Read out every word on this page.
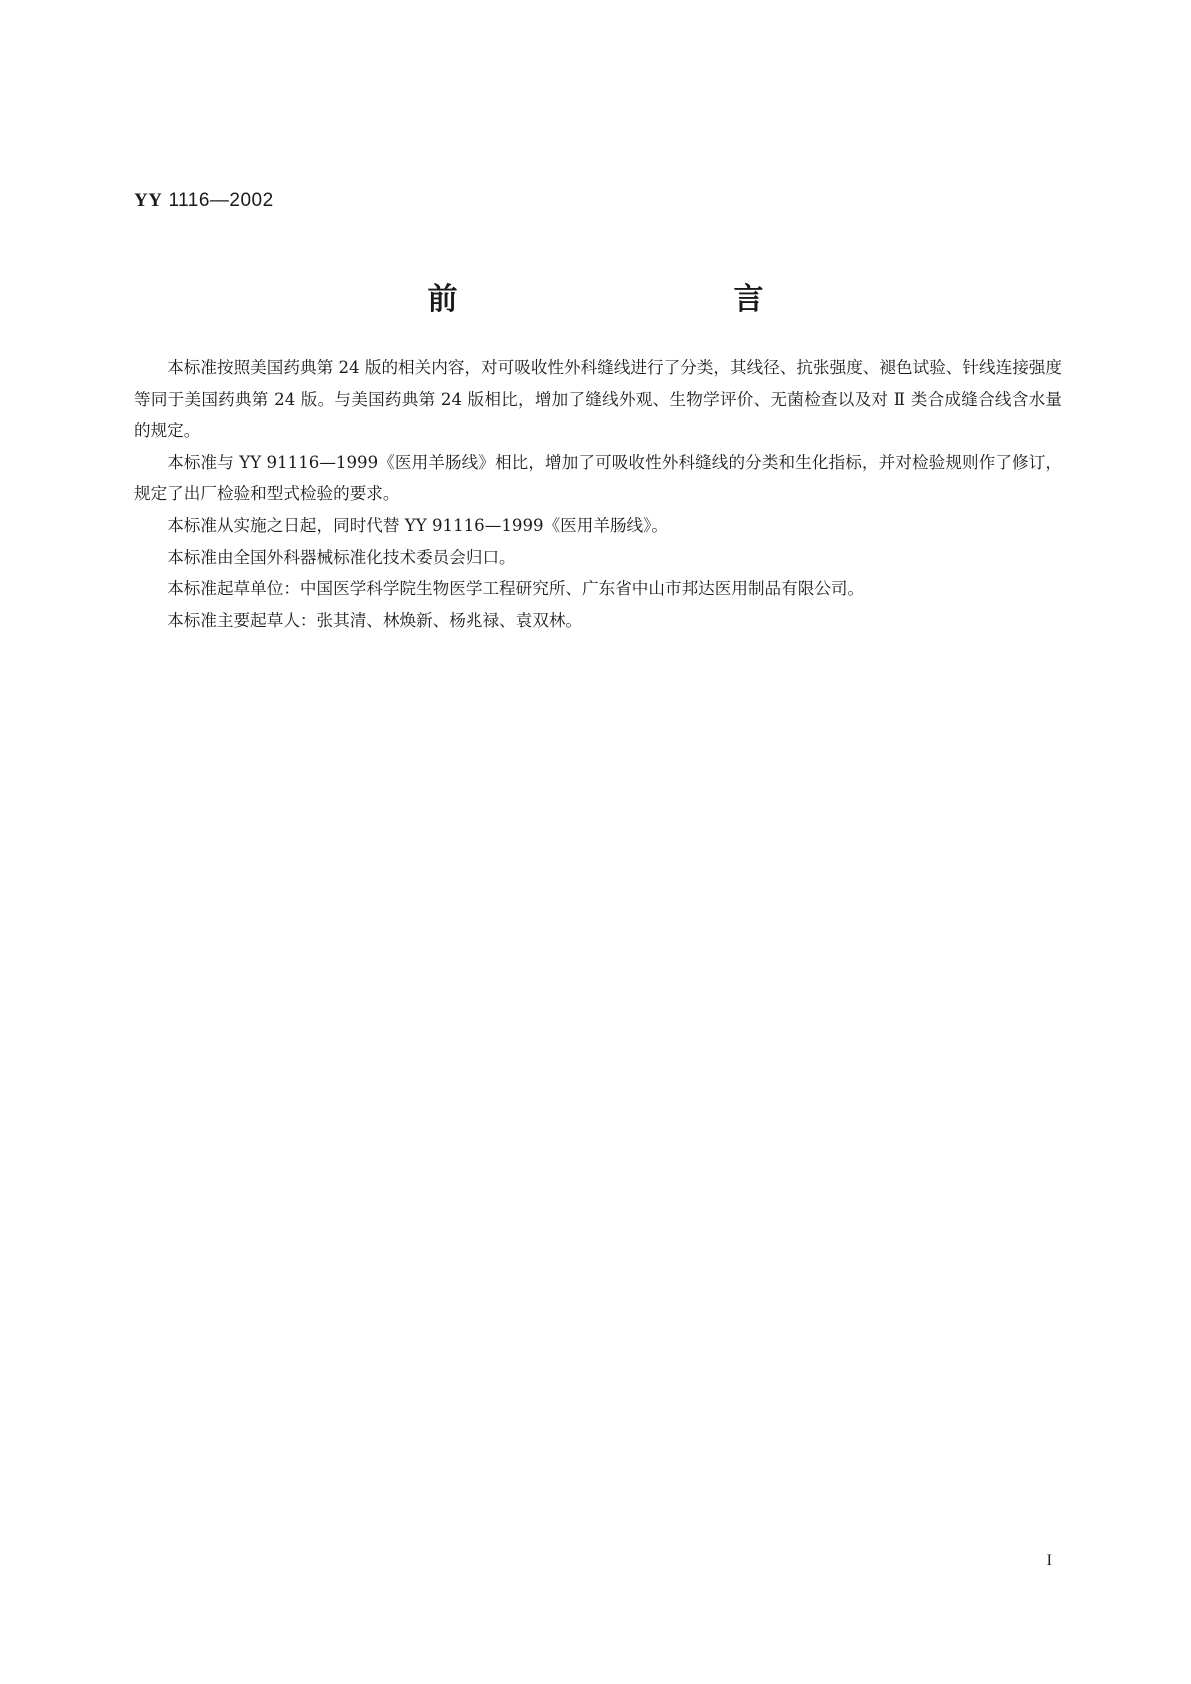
YY 1116—2002
前　　言

本标准按照美国药典第 24 版的相关内容，对可吸收性外科缝线进行了分类，其线径、抗张强度、褪色试验、针线连接强度等同于美国药典第 24 版。与美国药典第 24 版相比，增加了缝线外观、生物学评价、无菌检查以及对 Ⅱ 类合成缝合线含水量的规定。

本标准与 YY 91116—1999《医用羊肠线》相比，增加了可吸收性外科缝线的分类和生化指标，并对检验规则作了修订，规定了出厂检验和型式检验的要求。

本标准从实施之日起，同时代替 YY 91116—1999《医用羊肠线》。

本标准由全国外科器械标准化技术委员会归口。

本标准起草单位：中国医学科学院生物医学工程研究所、广东省中山市邦达医用制品有限公司。

本标准主要起草人：张其清、林焕新、杨兆禄、袁双林。

I
